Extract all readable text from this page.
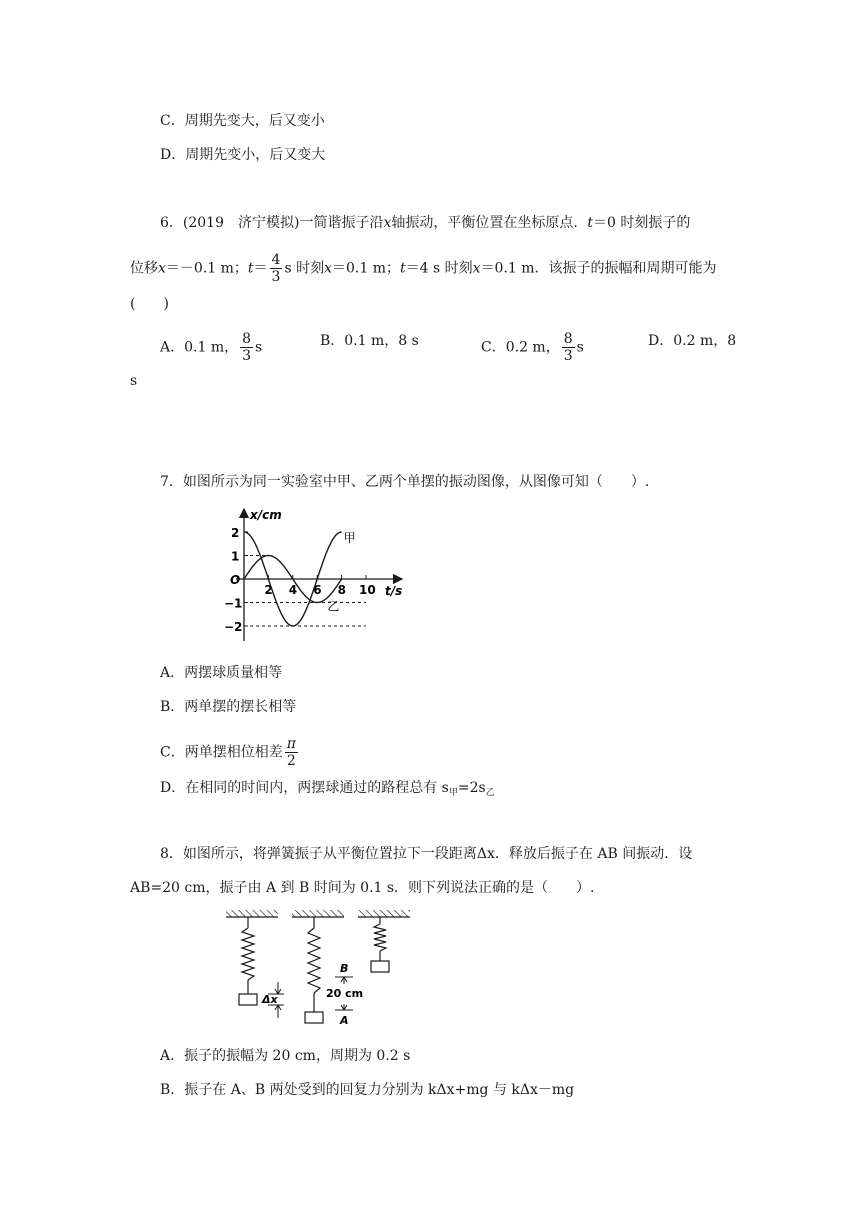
C．周期先变大，后又变小
D．周期先变小，后又变大
6．(2019　济宁模拟)一简谐振子沿x轴振动，平衡位置在坐标原点．t＝0 时刻振子的
位移x＝－0.1 m；$t= \frac{4}{3}$ s 时刻x＝0.1 m；t＝4 s 时刻x＝0.1 m．该振子的振幅和周期可能为
(　　)
A．0.1 m， $\frac{8}{3}$ s	B．0.1 m，8 s	C．0.2 m， $\frac{8}{3}$ s	D．0.2 m，8
s
7．如图所示为同一实验室中甲、乙两个单摆的振动图像，从图像可知（　　）.
x/cm
t/s
O
2 4 6 8 10
2
1
−1
−2
甲
乙
A．两摆球质量相等
B．两单摆的摆长相等
C．两单摆相位相差 $\frac{\pi}{2}$
D．在相同的时间内，两摆球通过的路程总有 $s_甲=2s_乙$
8．如图所示，将弹簧振子从平衡位置拉下一段距离Δx．释放后振子在 AB 间振动．设
AB=20 cm，振子由 A 到 B 时间为 0.1 s．则下列说法正确的是（　　）.
Δx
B
A
20 cm
A．振子的振幅为 20 cm，周期为 0.2 s
B．振子在 A、B 两处受到的回复力分别为 kΔx+mg 与 kΔx－mg
